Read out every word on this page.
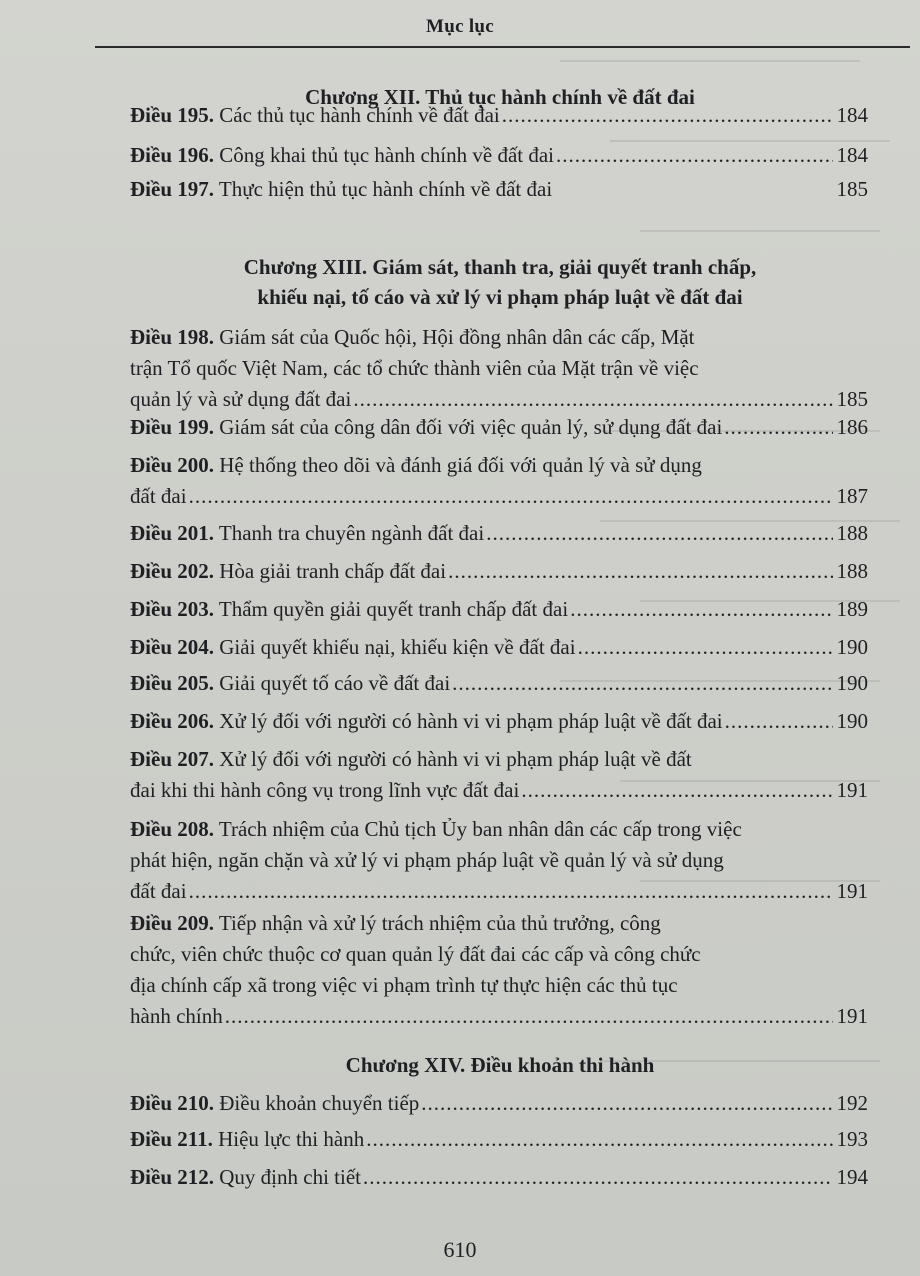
Mục lục
Chương XII. Thủ tục hành chính về đất đai
Điều 195. Các thủ tục hành chính về đất đai .....	184
Điều 196. Công khai thủ tục hành chính về đất đai .....	184
Điều 197. Thực hiện thủ tục hành chính về đất đai	185
Chương XIII. Giám sát, thanh tra, giải quyết tranh chấp,
khiếu nại, tố cáo và xử lý vi phạm pháp luật về đất đai
Điều 198. Giám sát của Quốc hội, Hội đồng nhân dân các cấp, Mặt
trận Tổ quốc Việt Nam, các tổ chức thành viên của Mặt trận về việc
quản lý và sử dụng đất đai .....	185
Điều 199. Giám sát của công dân đối với việc quản lý, sử dụng đất đai .....	186
Điều 200. Hệ thống theo dõi và đánh giá đối với quản lý và sử dụng
đất đai .....	187
Điều 201. Thanh tra chuyên ngành đất đai .....	188
Điều 202. Hòa giải tranh chấp đất đai .....	188
Điều 203. Thẩm quyền giải quyết tranh chấp đất đai .....	189
Điều 204. Giải quyết khiếu nại, khiếu kiện về đất đai .....	190
Điều 205. Giải quyết tố cáo về đất đai .....	190
Điều 206. Xử lý đối với người có hành vi vi phạm pháp luật về đất đai .....	190
Điều 207. Xử lý đối với người có hành vi vi phạm pháp luật về đất
đai khi thi hành công vụ trong lĩnh vực đất đai .....	191
Điều 208. Trách nhiệm của Chủ tịch Ủy ban nhân dân các cấp trong việc
phát hiện, ngăn chặn và xử lý vi phạm pháp luật về quản lý và sử dụng
đất đai .....	191
Điều 209. Tiếp nhận và xử lý trách nhiệm của thủ trưởng, công
chức, viên chức thuộc cơ quan quản lý đất đai các cấp và công chức
địa chính cấp xã trong việc vi phạm trình tự thực hiện các thủ tục
hành chính .....	191
Chương XIV. Điều khoản thi hành
Điều 210. Điều khoản chuyển tiếp .....	192
Điều 211. Hiệu lực thi hành .....	193
Điều 212. Quy định chi tiết .....	194
610
